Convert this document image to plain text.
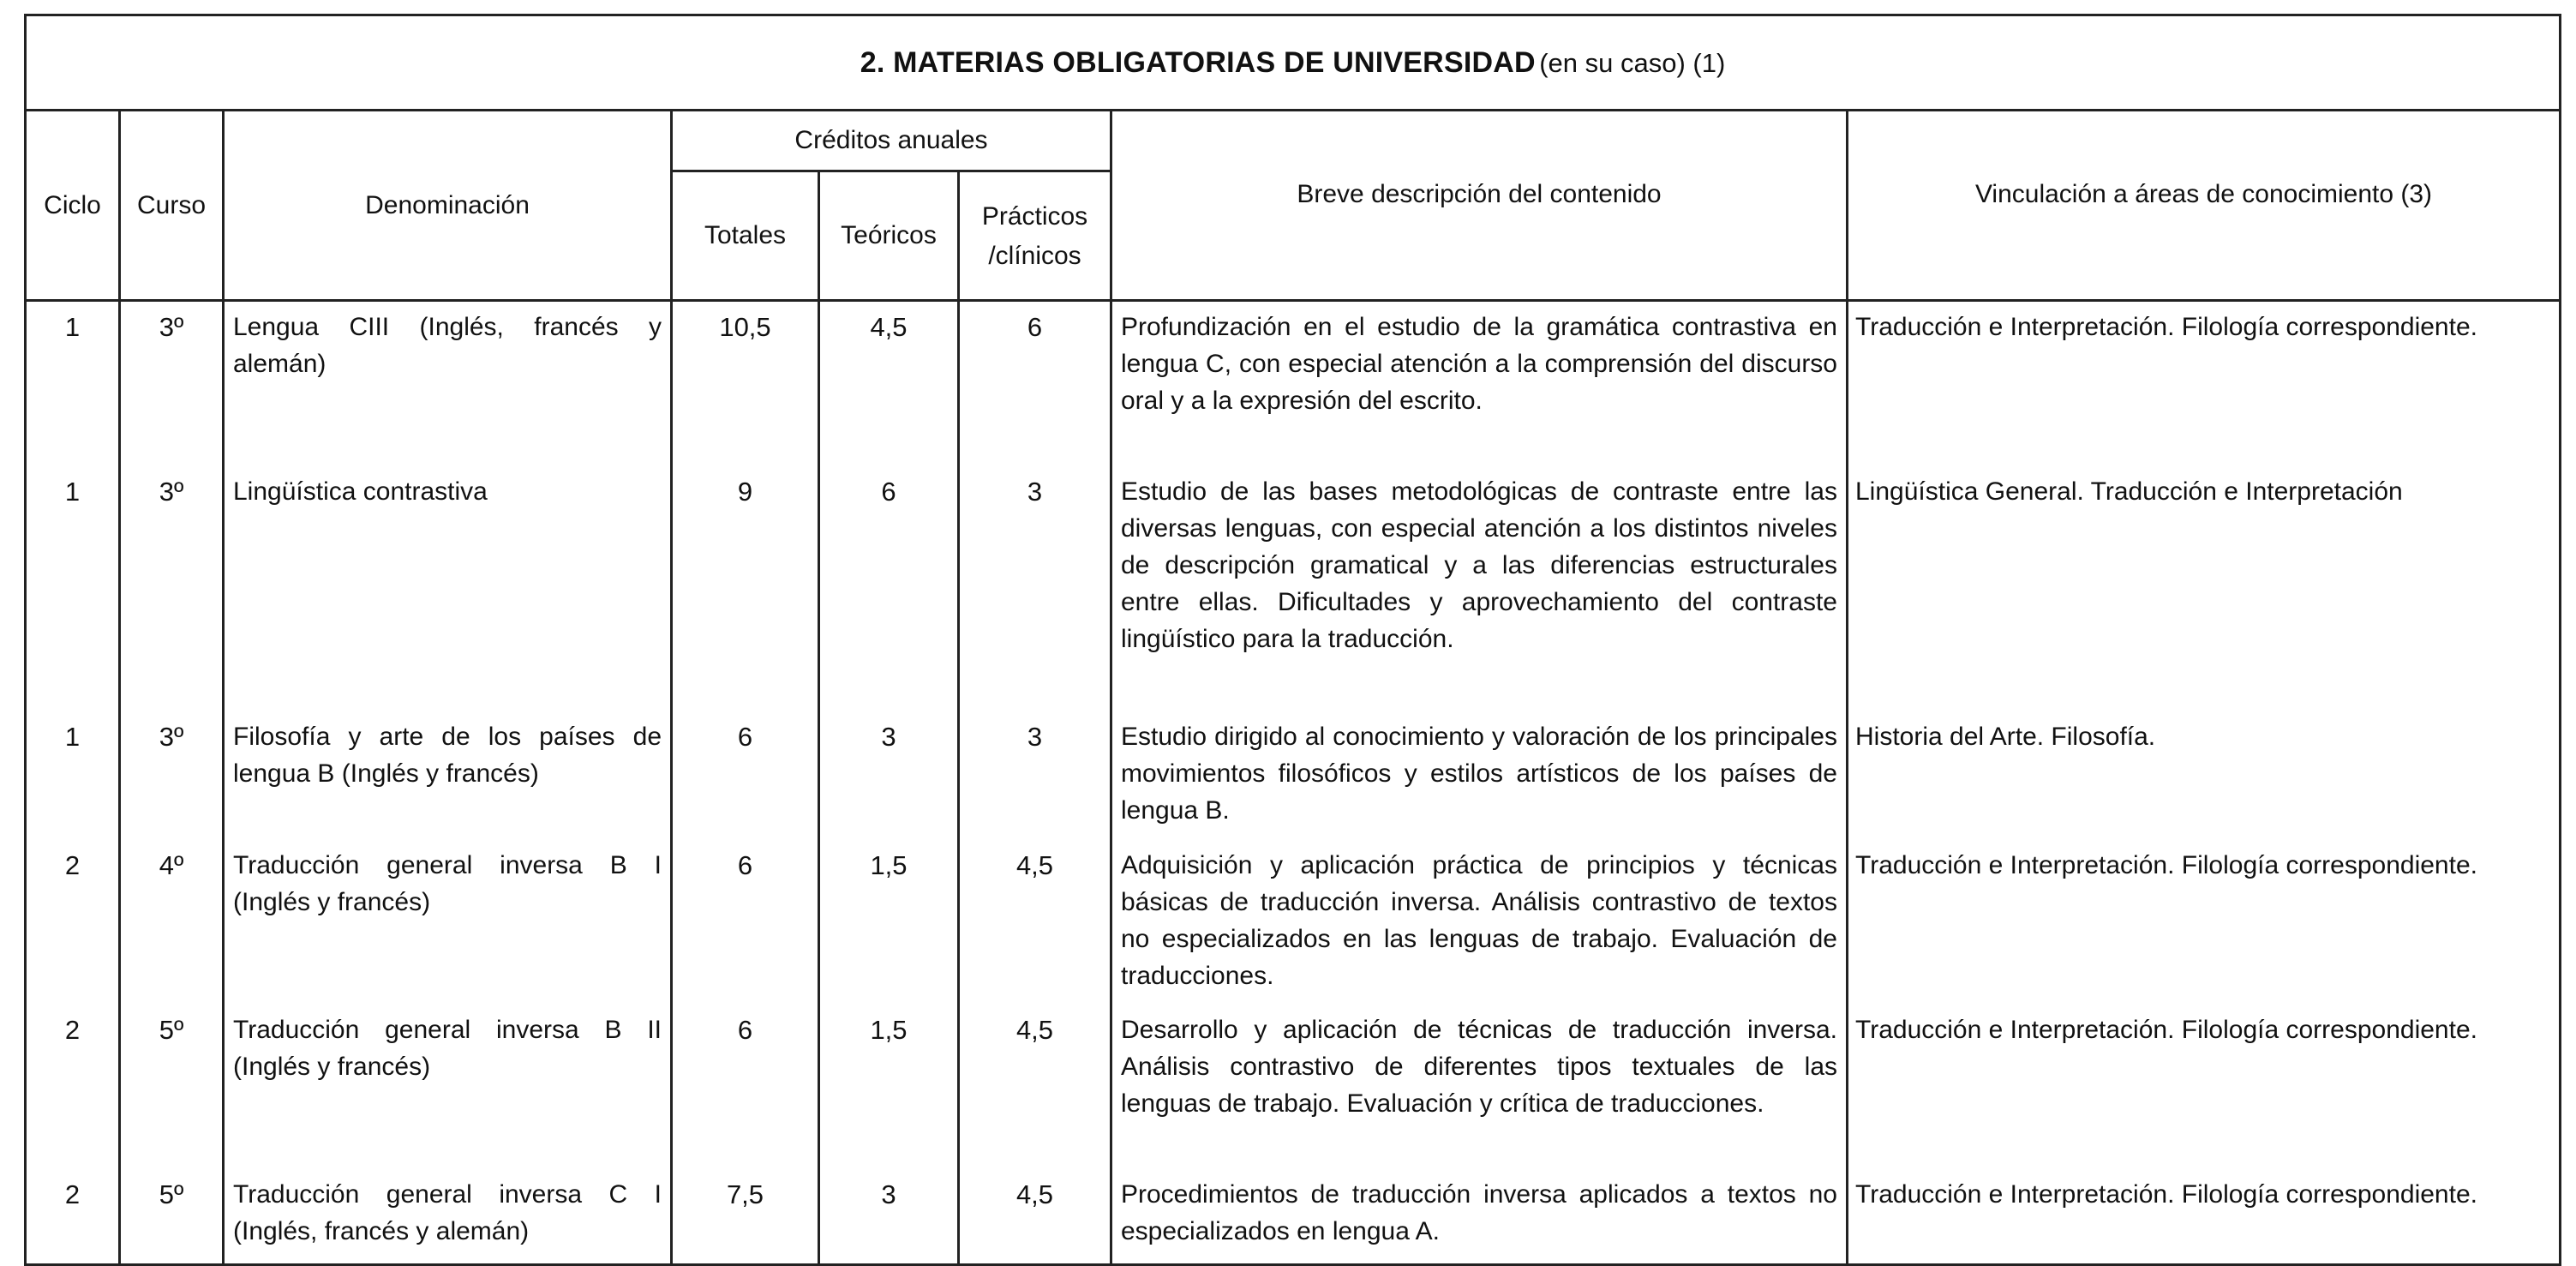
2. MATERIAS OBLIGATORIAS DE UNIVERSIDAD (en su caso) (1)							
Ciclo	Curso	Denominación	Créditos anuales			Breve descripción del contenido	Vinculación a áreas de conocimiento (3)
			Totales	Teóricos	Prácticos		
					/clínicos		
1	3º	Lengua CIII (Inglés, francés y alemán)	10,5	4,5	6	Profundización en el estudio de la gramática contrastiva en lengua C, con especial atención a la comprensión del discurso oral y a la expresión del escrito.	Traducción e Interpretación. Filología correspondiente.
1	3º	Lingüística contrastiva	9	6	3	Estudio de las bases metodológicas de contraste entre las diversas lenguas, con especial atención a los distintos niveles de descripción gramatical y a las diferencias estructurales entre ellas. Dificultades y aprovechamiento del contraste lingüístico para la traducción.	Lingüística General. Traducción e Interpretación
1	3º	Filosofía y arte de los países de lengua B (Inglés y francés)	6	3	3	Estudio dirigido al conocimiento y valoración de los principales movimientos filosóficos y estilos artísticos de los países de lengua B.	Historia del Arte. Filosofía.
2	4º	Traducción general inversa B I (Inglés y francés)	6	1,5	4,5	Adquisición y aplicación práctica de principios y técnicas básicas de traducción inversa. Análisis contrastivo de textos no especializados en las lenguas de trabajo. Evaluación de traducciones.	Traducción e Interpretación. Filología correspondiente.
2	5º	Traducción general inversa B II (Inglés y francés)	6	1,5	4,5	Desarrollo y aplicación de técnicas de traducción inversa. Análisis contrastivo de diferentes tipos textuales de las lenguas de trabajo. Evaluación y crítica de traducciones.	Traducción e Interpretación. Filología correspondiente.
2	5º	Traducción general inversa C I (Inglés, francés y alemán)	7,5	3	4,5	Procedimientos de traducción inversa aplicados a textos no especializados en lengua A.	Traducción e Interpretación. Filología correspondiente.
